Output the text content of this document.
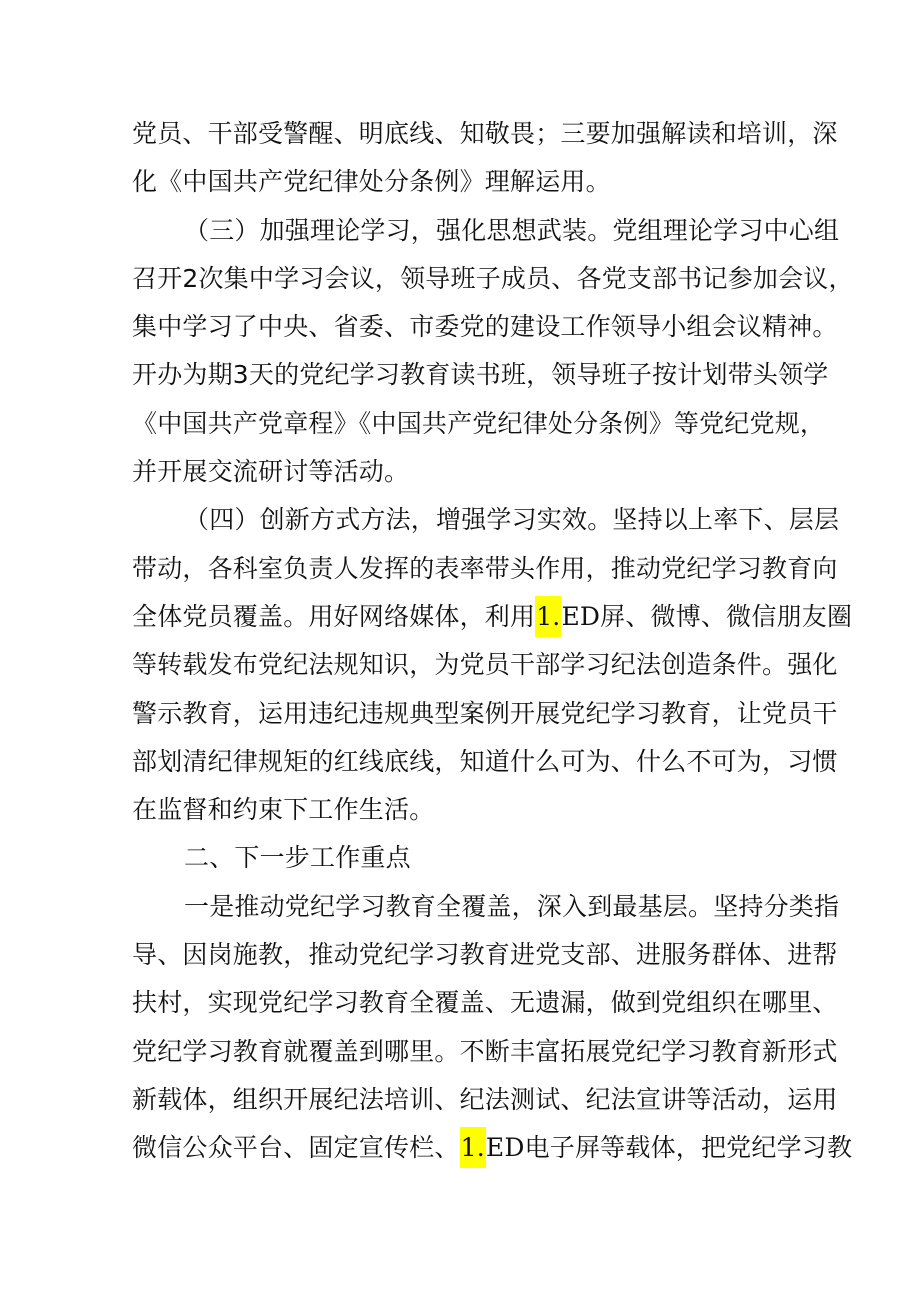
党员、干部受警醒、明底线、知敬畏；三要加强解读和培训，深
化《中国共产党纪律处分条例》理解运用。
（三）加强理论学习，强化思想武装。党组理论学习中心组
召开2次集中学习会议，领导班子成员、各党支部书记参加会议，
集中学习了中央、省委、市委党的建设工作领导小组会议精神。
开办为期3天的党纪学习教育读书班，领导班子按计划带头领学
《中国共产党章程》《中国共产党纪律处分条例》等党纪党规，
并开展交流研讨等活动。
（四）创新方式方法，增强学习实效。坚持以上率下、层层
带动，各科室负责人发挥的表率带头作用，推动党纪学习教育向
全体党员覆盖。用好网络媒体，利用1.ED屏、微博、微信朋友圈
等转载发布党纪法规知识，为党员干部学习纪法创造条件。强化
警示教育，运用违纪违规典型案例开展党纪学习教育，让党员干
部划清纪律规矩的红线底线，知道什么可为、什么不可为，习惯
在监督和约束下工作生活。
二、下一步工作重点
一是推动党纪学习教育全覆盖，深入到最基层。坚持分类指
导、因岗施教，推动党纪学习教育进党支部、进服务群体、进帮
扶村，实现党纪学习教育全覆盖、无遗漏，做到党组织在哪里、
党纪学习教育就覆盖到哪里。不断丰富拓展党纪学习教育新形式
新载体，组织开展纪法培训、纪法测试、纪法宣讲等活动，运用
微信公众平台、固定宣传栏、1.ED电子屏等载体，把党纪学习教
